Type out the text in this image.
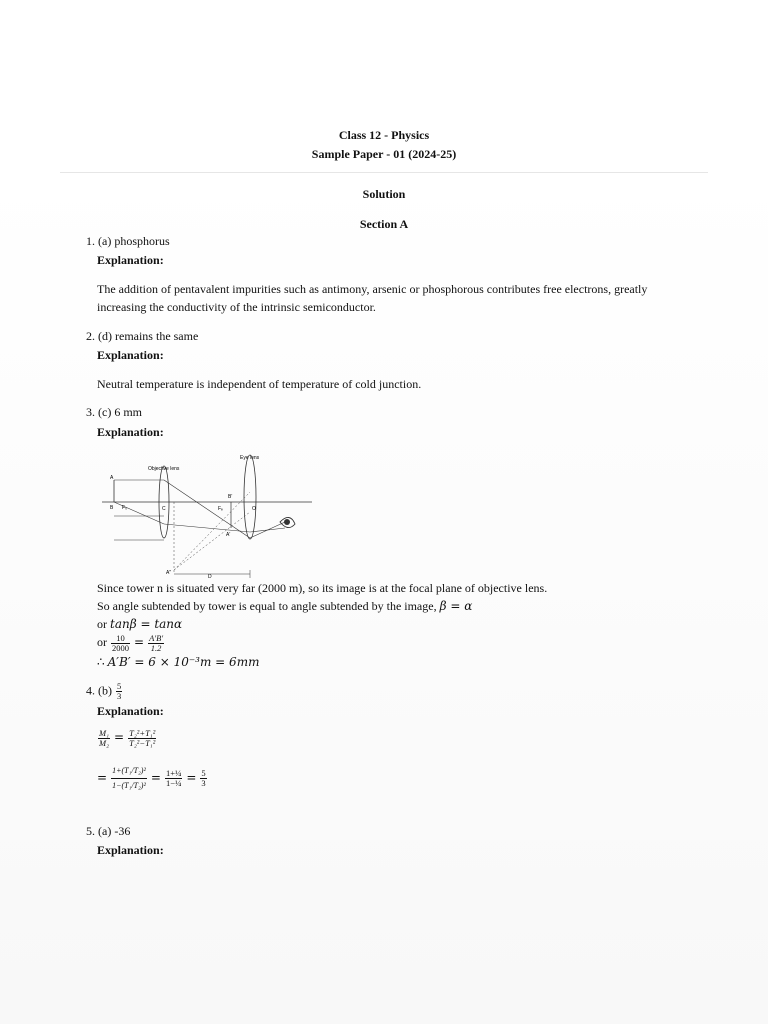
Class 12 - Physics
Sample Paper - 01 (2024-25)
Solution
Section A
1. (a) phosphorus
Explanation:
The addition of pentavalent impurities such as antimony, arsenic or phosphorous contributes free electrons, greatly
increasing the conductivity of the intrinsic semiconductor.
2. (d) remains the same
Explanation:
Neutral temperature is independent of temperature of cold junction.
3. (c) 6 mm
Explanation:
Objective lens
Eye lens
A
B F₀	Fₑ
A'
B'
C	O
D
A''
Since tower n is situated very far (2000 m), so its image is at the focal plane of objective lens.
So angle subtended by tower is equal to angle subtended by the image, β = α
or tanβ = tanα
or $\frac{10}{2000} = \frac{A'B'}{1.2}$
∴ A′B′ = 6 × 10⁻³m = 6mm
4. $(b) \frac{5}{3}$
Explanation:
$\frac{\text{M₁}}{\text{M₂}} = \frac{\text{T₂²+T₁²}}{\text{T₂²−T₁²}}$
= $\frac{\text{1+(T₁/T₂)²}}{\text{1−(T₁/T₂)²}} = \frac{\text{1+¼}}{\text{1−¼}} = \frac{5}{3}$
5. (a) -36
Explanation:
